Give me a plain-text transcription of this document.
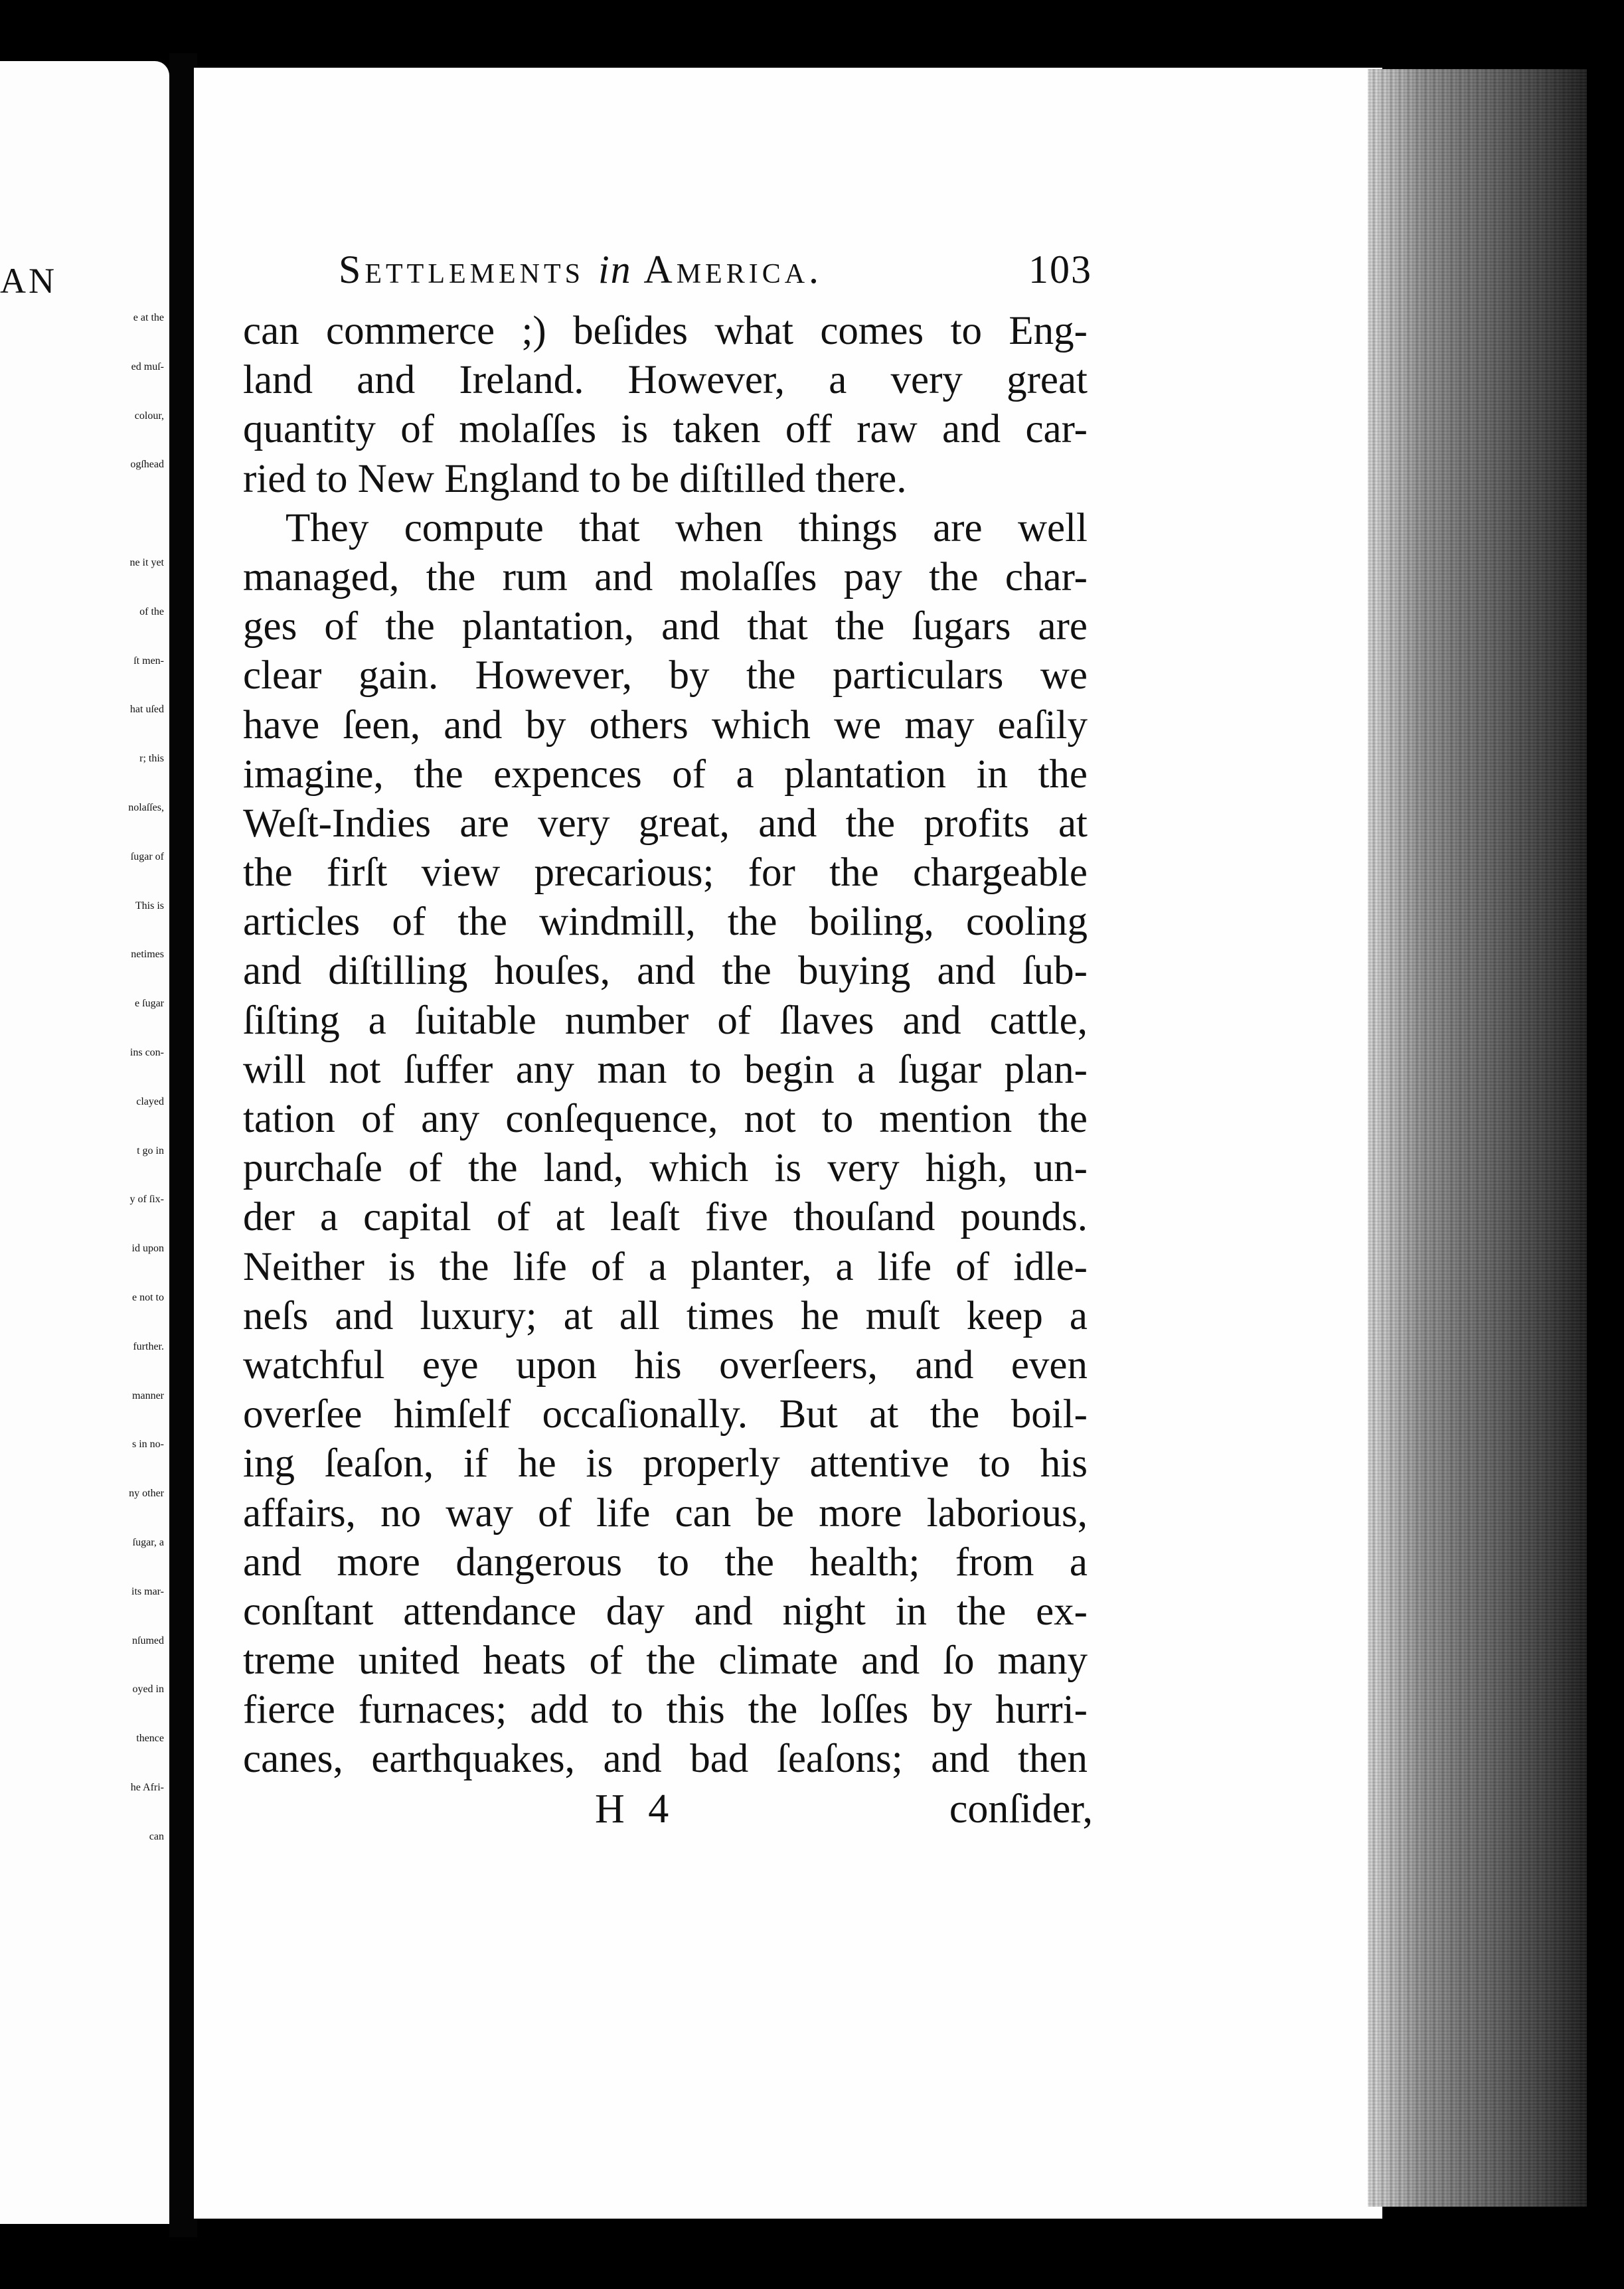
AN
e at the
ed muſ-
colour,
ogſhead
ne it yet
of the
ſt men-
hat uſed
r; this
nolaſſes,
ſugar of
This is
netimes
e ſugar
ins con-
clayed
t go in
y of ſix-
id upon
e not to
further.
manner
s in no-
ny other
ſugar, a
its mar-
nſumed
oyed in
thence
he Afri-
can
Settlements in America.	103
can commerce ;) beſides what comes to Eng-
land and Ireland. However, a very great
quantity of molaſſes is taken off raw and car-
ried to New England to be diſtilled there.
They compute that when things are well
managed, the rum and molaſſes pay the char-
ges of the plantation, and that the ſugars are
clear gain. However, by the particulars we
have ſeen, and by others which we may eaſily
imagine, the expences of a plantation in the
Weſt-Indies are very great, and the profits at
the firſt view precarious; for the chargeable
articles of the windmill, the boiling, cooling
and diſtilling houſes, and the buying and ſub-
ſiſting a ſuitable number of ſlaves and cattle,
will not ſuffer any man to begin a ſugar plan-
tation of any conſequence, not to mention the
purchaſe of the land, which is very high, un-
der a capital of at leaſt five thouſand pounds.
Neither is the life of a planter, a life of idle-
neſs and luxury; at all times he muſt keep a
watchful eye upon his overſeers, and even
overſee himſelf occaſionally. But at the boil-
ing ſeaſon, if he is properly attentive to his
affairs, no way of life can be more laborious,
and more dangerous to the health; from a
conſtant attendance day and night in the ex-
treme united heats of the climate and ſo many
fierce furnaces; add to this the loſſes by hurri-
canes, earthquakes, and bad ſeaſons; and then
H 4	conſider,
